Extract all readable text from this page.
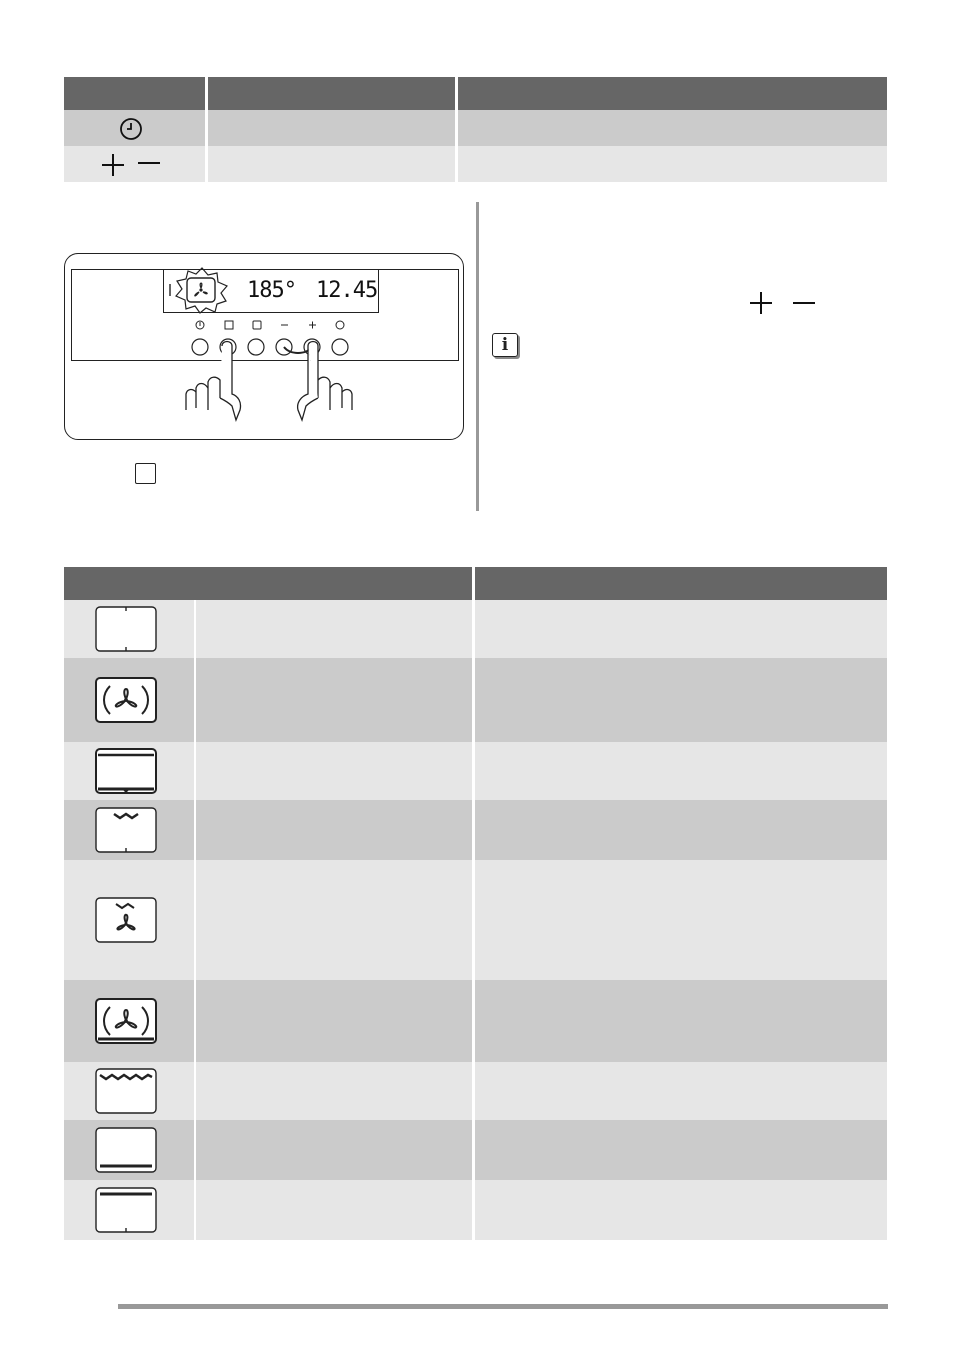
185° 12.45
i
